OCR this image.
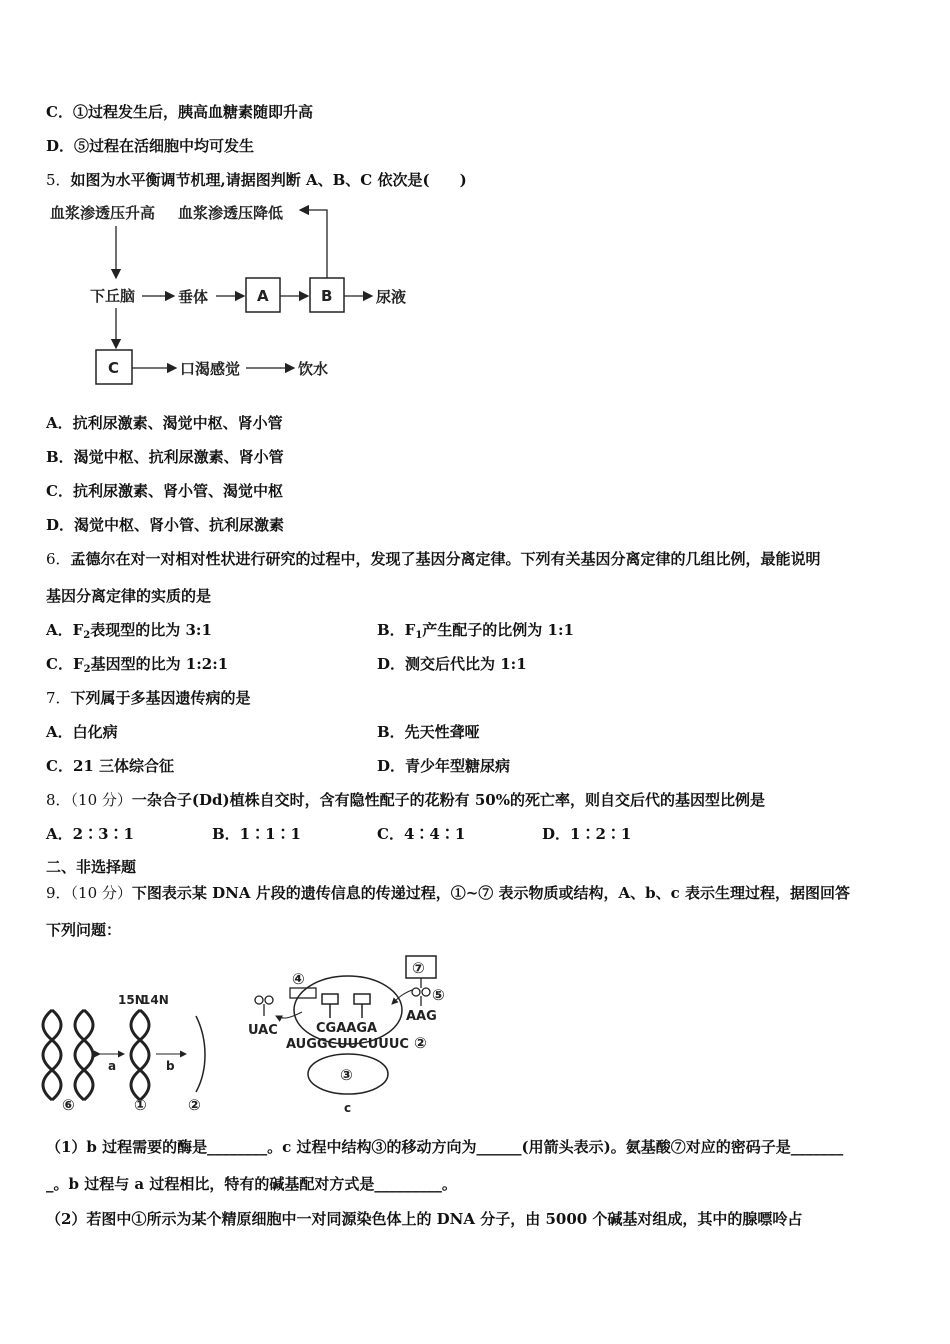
C．①过程发生后，胰高血糖素随即升高
D．⑤过程在活细胞中均可发生
5．如图为水平衡调节机理,请据图判断 A、B、C 依次是(　　)
血浆渗透压升高 血浆渗透压降低
下丘脑	垂体	A	B	尿液
C	口渴感觉	饮水
A．抗利尿激素、渴觉中枢、肾小管
B．渴觉中枢、抗利尿激素、肾小管
C．抗利尿激素、肾小管、渴觉中枢
D．渴觉中枢、肾小管、抗利尿激素
6．孟德尔在对一对相对性状进行研究的过程中，发现了基因分离定律。下列有关基因分离定律的几组比例，最能说明
基因分离定律的实质的是
A．$F_2$表现型的比为 3:1	B．$F_1$产生配子的比例为 1:1
C．$F_2$基因型的比为 1:2:1	D．测交后代比为 1:1
7．下列属于多基因遗传病的是
A．白化病	B．先天性聋哑
C．21 三体综合征	D．青少年型糖尿病
8．（10 分）一杂合子(Dd)植株自交时，含有隐性配子的花粉有 50%的死亡率，则自交后代的基因型比例是
A．2∶3∶1	B．1∶1∶1	C．4∶4∶1	D．1∶2∶1
二、非选择题
9．（10 分）下图表示某 DNA 片段的遗传信息的传递过程，①~⑦ 表示物质或结构，A、b、c 表示生理过程，据图回答
下列问题：
15N
14N
a	b
⑥	①	②
③
c
④
CGAAGA
AUGGCUUCUUUC ②
UAC
⑦
⑤
AAG
（1）b 过程需要的酶是________。c 过程中结构③的移动方向为______(用箭头表示)。氨基酸⑦对应的密码子是_______
_。b 过程与 a 过程相比，特有的碱基配对方式是_________。
（2）若图中①所示为某个精原细胞中一对同源染色体上的 DNA 分子，由 5000 个碱基对组成，其中的腺嘌呤占
